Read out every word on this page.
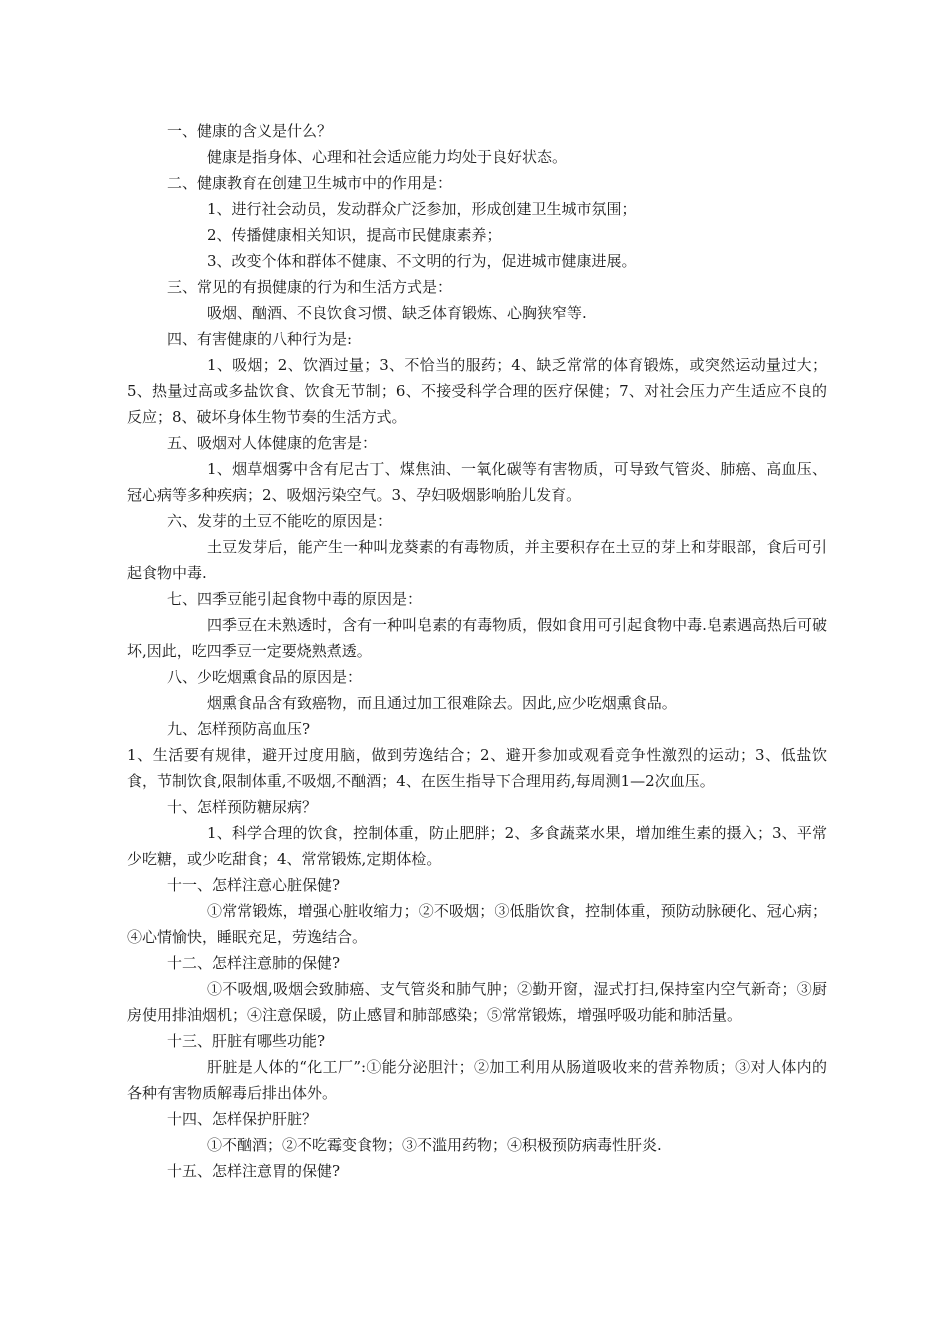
一、健康的含义是什么？

健康是指身体、心理和社会适应能力均处于良好状态。

二、健康教育在创建卫生城市中的作用是：

1、进行社会动员，发动群众广泛参加，形成创建卫生城市氛围；

2、传播健康相关知识，提高市民健康素养；

3、改变个体和群体不健康、不文明的行为，促进城市健康进展。

三、常见的有损健康的行为和生活方式是：

吸烟、酗酒、不良饮食习惯、缺乏体育锻炼、心胸狭窄等.

四、有害健康的八种行为是:

1、吸烟；2、饮酒过量；3、不恰当的服药；4、缺乏常常的体育锻炼，或突然运动量过大；5、热量过高或多盐饮食、饮食无节制；6、不接受科学合理的医疗保健；7、对社会压力产生适应不良的反应；8、破坏身体生物节奏的生活方式。

五、吸烟对人体健康的危害是：

1、烟草烟雾中含有尼古丁、煤焦油、一氧化碳等有害物质，可导致气管炎、肺癌、高血压、冠心病等多种疾病；2、吸烟污染空气。3、孕妇吸烟影响胎儿发育。

六、发芽的土豆不能吃的原因是：

土豆发芽后，能产生一种叫龙葵素的有毒物质，并主要积存在土豆的芽上和芽眼部，食后可引起食物中毒.

七、四季豆能引起食物中毒的原因是：

四季豆在未熟透时，含有一种叫皂素的有毒物质，假如食用可引起食物中毒.皂素遇高热后可破坏,因此，吃四季豆一定要烧熟煮透。

八、少吃烟熏食品的原因是：

烟熏食品含有致癌物，而且通过加工很难除去。因此,应少吃烟熏食品。

九、怎样预防高血压?

1、生活要有规律，避开过度用脑，做到劳逸结合；2、避开参加或观看竞争性激烈的运动；3、低盐饮食，节制饮食,限制体重,不吸烟,不酗酒；4、在医生指导下合理用药,每周测1—2次血压。

十、怎样预防糖尿病？

1、科学合理的饮食，控制体重，防止肥胖；2、多食蔬菜水果，增加维生素的摄入；3、平常少吃糖，或少吃甜食；4、常常锻炼,定期体检。

十一、怎样注意心脏保健?

①常常锻炼，增强心脏收缩力；②不吸烟；③低脂饮食，控制体重，预防动脉硬化、冠心病；④心情愉快，睡眠充足，劳逸结合。

十二、怎样注意肺的保健?

①不吸烟,吸烟会致肺癌、支气管炎和肺气肿；②勤开窗，湿式打扫,保持室内空气新奇；③厨房使用排油烟机；④注意保暖，防止感冒和肺部感染；⑤常常锻炼，增强呼吸功能和肺活量。

十三、肝脏有哪些功能?

肝脏是人体的“化工厂”:①能分泌胆汁；②加工利用从肠道吸收来的营养物质；③对人体内的各种有害物质解毒后排出体外。

十四、怎样保护肝脏？

①不酗酒；②不吃霉变食物；③不滥用药物；④积极预防病毒性肝炎.

十五、怎样注意胃的保健?
